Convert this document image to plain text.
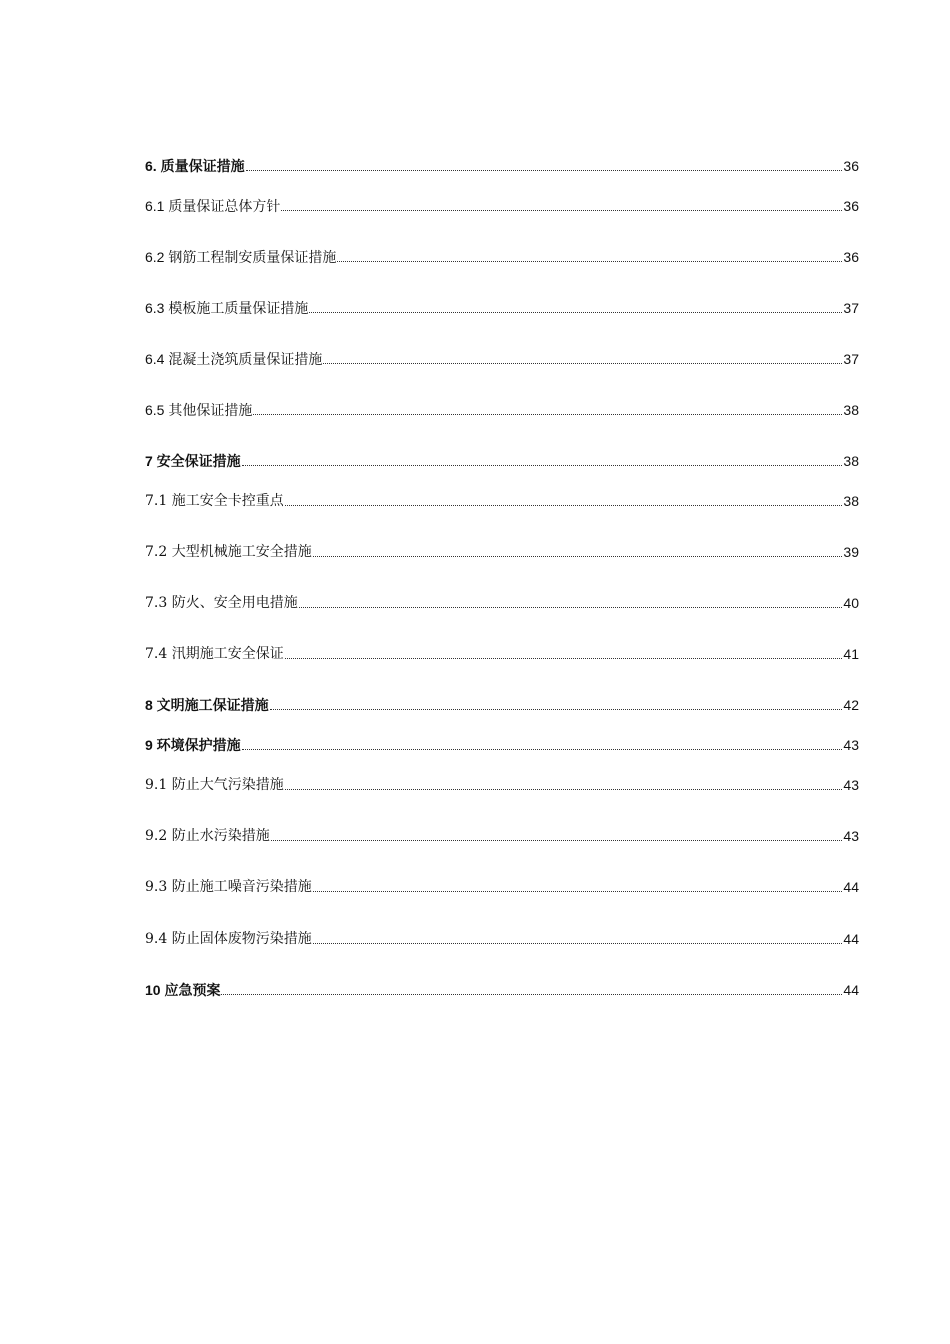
6. 质量保证措施	36
6.1 质量保证总体方针	36
6.2 钢筋工程制安质量保证措施	36
6.3 模板施工质量保证措施	37
6.4 混凝土浇筑质量保证措施	37
6.5 其他保证措施	38
7 安全保证措施	38
7.1 施工安全卡控重点	38
7.2 大型机械施工安全措施	39
7.3 防火、安全用电措施	40
7.4 汛期施工安全保证	41
8 文明施工保证措施	42
9 环境保护措施	43
9.1 防止大气污染措施	43
9.2 防止水污染措施	43
9.3 防止施工噪音污染措施	44
9.4 防止固体废物污染措施	44
10 应急预案	44
